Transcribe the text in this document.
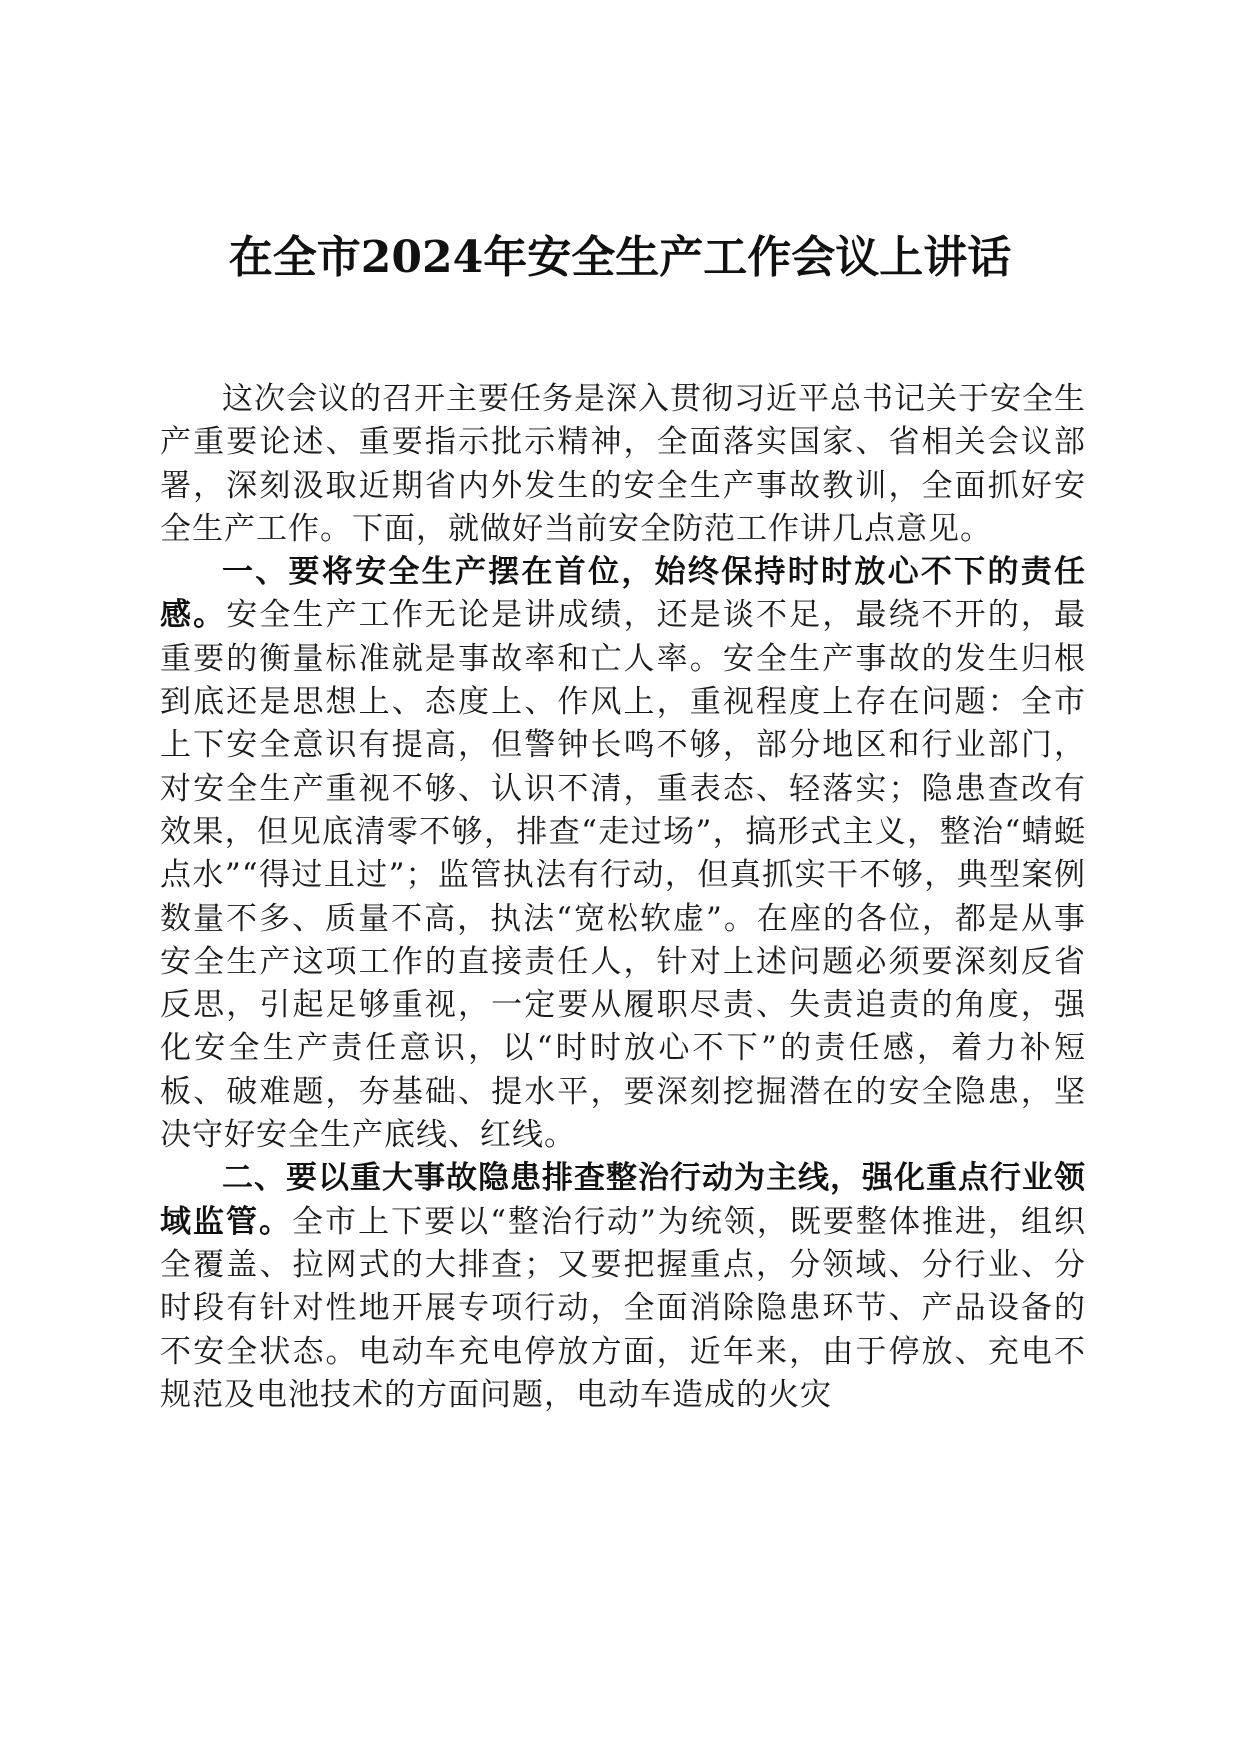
在全市2024年安全生产工作会议上讲话

这次会议的召开主要任务是深入贯彻习近平总书记关于安全生产重要论述、重要指示批示精神，全面落实国家、省相关会议部署，深刻汲取近期省内外发生的安全生产事故教训，全面抓好安全生产工作。下面，就做好当前安全防范工作讲几点意见。

一、要将安全生产摆在首位，始终保持时时放心不下的责任感。安全生产工作无论是讲成绩，还是谈不足，最绕不开的，最重要的衡量标准就是事故率和亡人率。安全生产事故的发生归根到底还是思想上、态度上、作风上，重视程度上存在问题：全市上下安全意识有提高，但警钟长鸣不够，部分地区和行业部门，对安全生产重视不够、认识不清，重表态、轻落实；隐患查改有效果，但见底清零不够，排查“走过场”，搞形式主义，整治“蜻蜓点水”“得过且过”；监管执法有行动，但真抓实干不够，典型案例数量不多、质量不高，执法“宽松软虚”。在座的各位，都是从事安全生产这项工作的直接责任人，针对上述问题必须要深刻反省反思，引起足够重视，一定要从履职尽责、失责追责的角度，强化安全生产责任意识，以“时时放心不下”的责任感，着力补短板、破难题，夯基础、提水平，要深刻挖掘潜在的安全隐患，坚决守好安全生产底线、红线。

二、要以重大事故隐患排查整治行动为主线，强化重点行业领域监管。全市上下要以“整治行动”为统领，既要整体推进，组织全覆盖、拉网式的大排查；又要把握重点，分领域、分行业、分时段有针对性地开展专项行动，全面消除隐患环节、产品设备的不安全状态。电动车充电停放方面，近年来，由于停放、充电不规范及电池技术的方面问题，电动车造成的火灾
